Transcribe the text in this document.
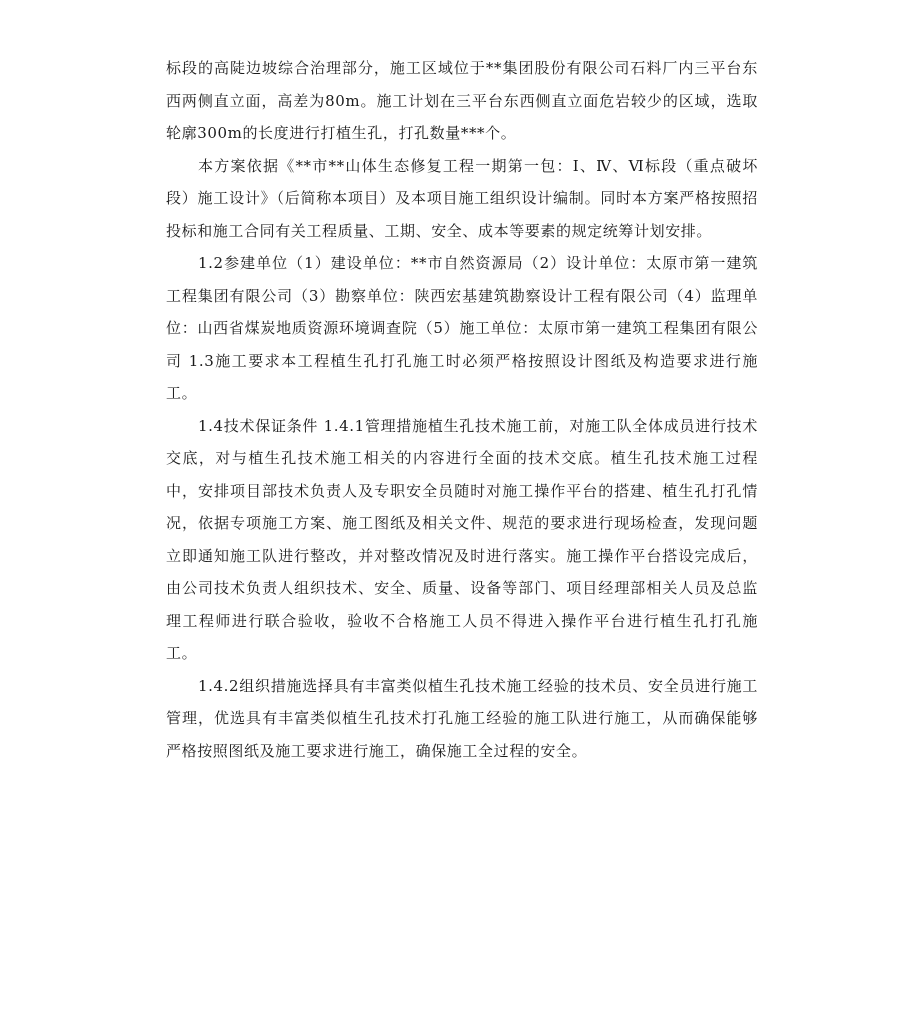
标段的高陡边坡综合治理部分，施工区域位于**集团股份有限公司石料厂内三平台东西两侧直立面，高差为80m。施工计划在三平台东西侧直立面危岩较少的区域，选取轮廓300m的长度进行打植生孔，打孔数量***个。

本方案依据《**市**山体生态修复工程一期第一包：Ⅰ、Ⅳ、Ⅵ标段（重点破坏段）施工设计》（后简称本项目）及本项目施工组织设计编制。同时本方案严格按照招投标和施工合同有关工程质量、工期、安全、成本等要素的规定统筹计划安排。

1.2参建单位（1）建设单位：**市自然资源局（2）设计单位：太原市第一建筑工程集团有限公司（3）勘察单位：陕西宏基建筑勘察设计工程有限公司（4）监理单位：山西省煤炭地质资源环境调查院（5）施工单位：太原市第一建筑工程集团有限公司 1.3施工要求本工程植生孔打孔施工时必须严格按照设计图纸及构造要求进行施工。

1.4技术保证条件 1.4.1管理措施植生孔技术施工前，对施工队全体成员进行技术交底，对与植生孔技术施工相关的内容进行全面的技术交底。植生孔技术施工过程中，安排项目部技术负责人及专职安全员随时对施工操作平台的搭建、植生孔打孔情况，依据专项施工方案、施工图纸及相关文件、规范的要求进行现场检查，发现问题立即通知施工队进行整改，并对整改情况及时进行落实。施工操作平台搭设完成后，由公司技术负责人组织技术、安全、质量、设备等部门、项目经理部相关人员及总监理工程师进行联合验收，验收不合格施工人员不得进入操作平台进行植生孔打孔施工。

1.4.2组织措施选择具有丰富类似植生孔技术施工经验的技术员、安全员进行施工管理，优选具有丰富类似植生孔技术打孔施工经验的施工队进行施工，从而确保能够严格按照图纸及施工要求进行施工，确保施工全过程的安全。
